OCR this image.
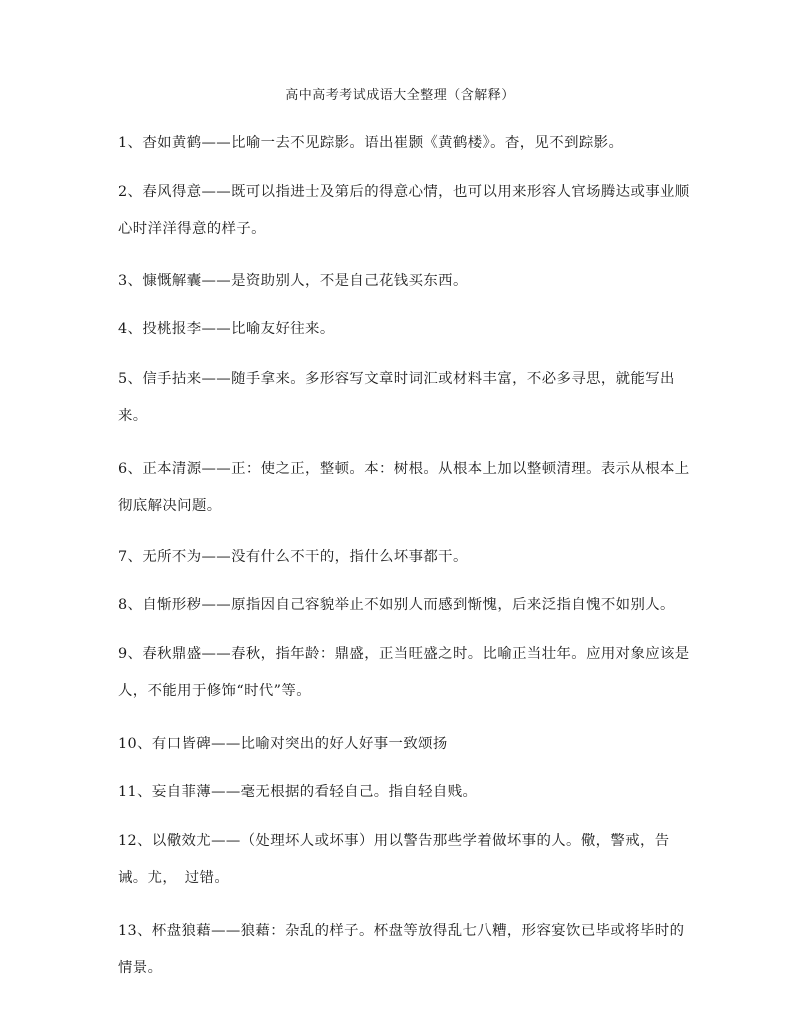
高中高考考试成语大全整理（含解释）
1、杳如黄鹤——比喻一去不见踪影。语出崔颢《黄鹤楼》。杳，见不到踪影。
2、春风得意——既可以指进士及第后的得意心情，也可以用来形容人官场腾达或事业顺心时洋洋得意的样子。
3、慷慨解囊——是资助别人，不是自己花钱买东西。
4、投桃报李——比喻友好往来。
5、信手拈来——随手拿来。多形容写文章时词汇或材料丰富，不必多寻思，就能写出来。
6、正本清源——正：使之正，整顿。本：树根。从根本上加以整顿清理。表示从根本上彻底解决问题。
7、无所不为——没有什么不干的，指什么坏事都干。
8、自惭形秽——原指因自己容貌举止不如别人而感到惭愧，后来泛指自愧不如别人。
9、春秋鼎盛——春秋，指年龄：鼎盛，正当旺盛之时。比喻正当壮年。应用对象应该是人，不能用于修饰“时代”等。
10、有口皆碑——比喻对突出的好人好事一致颂扬
11、妄自菲薄——毫无根据的看轻自己。指自轻自贱。
12、以儆效尤——（处理坏人或坏事）用以警告那些学着做坏事的人。儆，警戒，告诫。尤，　过错。
13、杯盘狼藉——狼藉：杂乱的样子。杯盘等放得乱七八糟，形容宴饮已毕或将毕时的情景。
